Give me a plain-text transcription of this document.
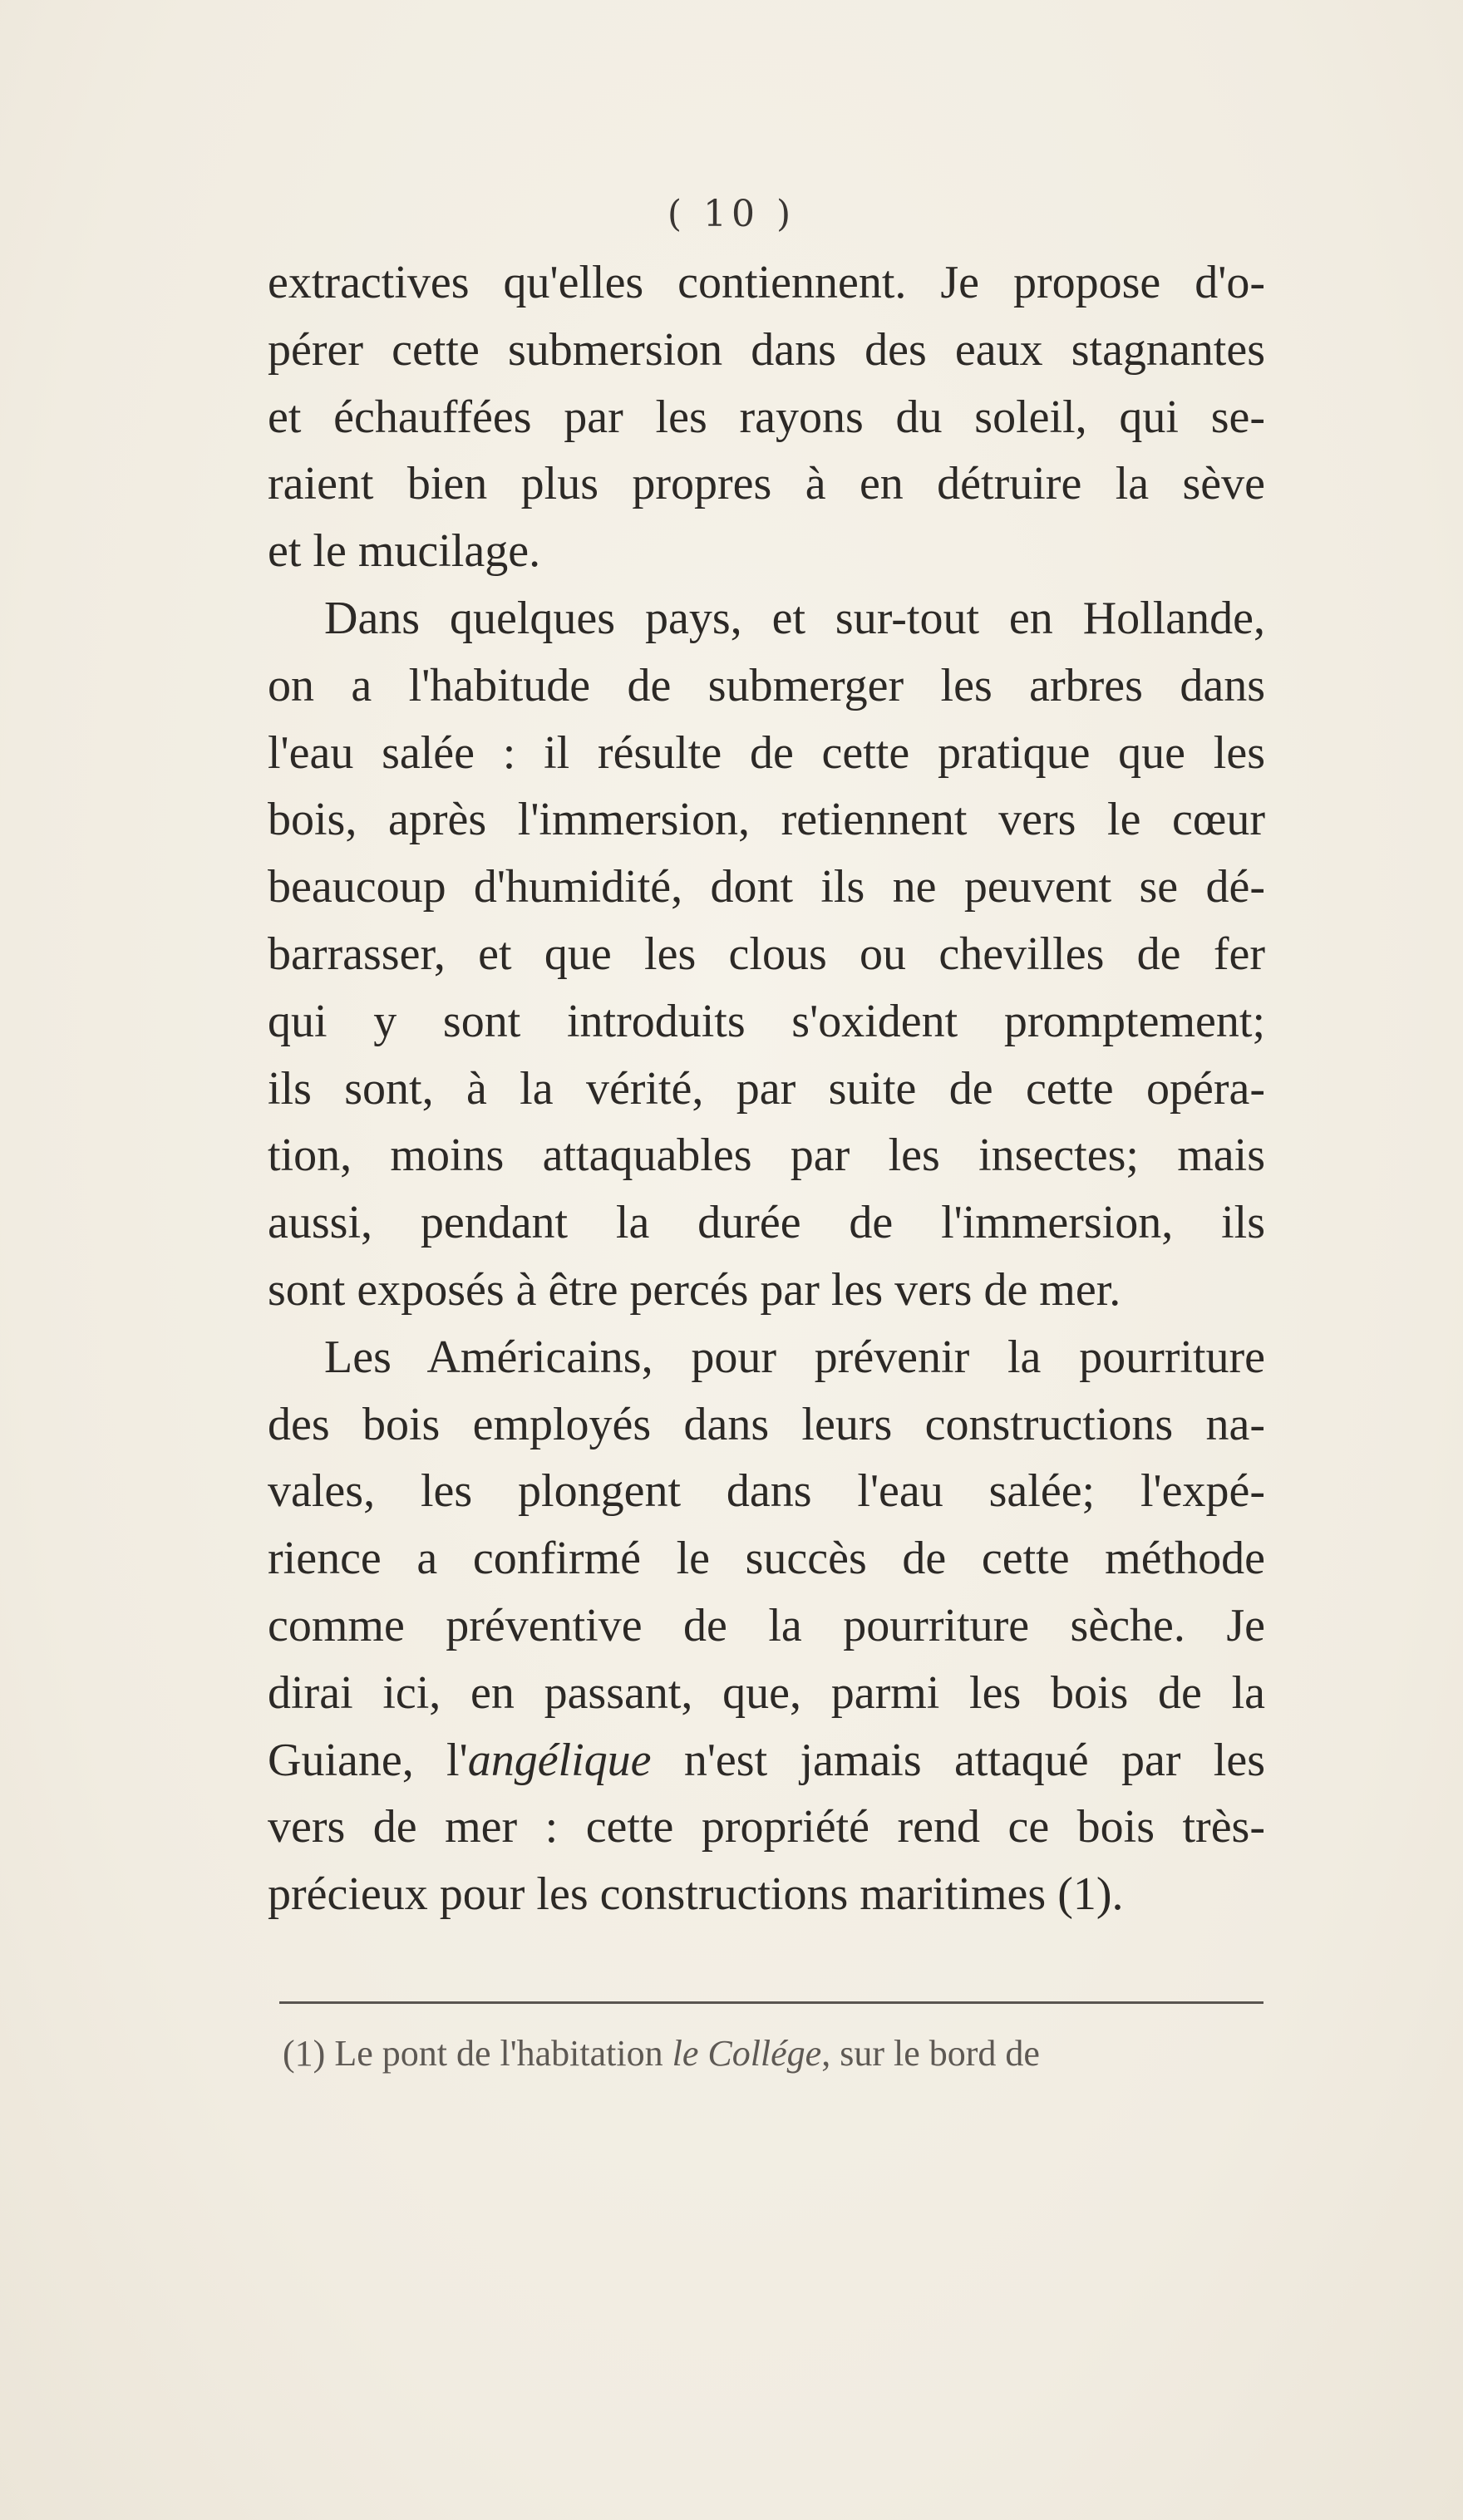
( 10 )
extractives qu'elles contiennent. Je propose d'o-
pérer cette submersion dans des eaux stagnantes
et échauffées par les rayons du soleil, qui se-
raient bien plus propres à en détruire la sève
et le mucilage.
Dans quelques pays, et sur-tout en Hollande,
on a l'habitude de submerger les arbres dans
l'eau salée : il résulte de cette pratique que les
bois, après l'immersion, retiennent vers le cœur
beaucoup d'humidité, dont ils ne peuvent se dé-
barrasser, et que les clous ou chevilles de fer
qui y sont introduits s'oxident promptement;
ils sont, à la vérité, par suite de cette opéra-
tion, moins attaquables par les insectes; mais
aussi, pendant la durée de l'immersion, ils
sont exposés à être percés par les vers de mer.
Les Américains, pour prévenir la pourriture
des bois employés dans leurs constructions na-
vales, les plongent dans l'eau salée; l'expé-
rience a confirmé le succès de cette méthode
comme préventive de la pourriture sèche. Je
dirai ici, en passant, que, parmi les bois de la
Guiane, l'angélique n'est jamais attaqué par les
vers de mer : cette propriété rend ce bois très-
précieux pour les constructions maritimes (1).
(1) Le pont de l'habitation le Collége, sur le bord de
